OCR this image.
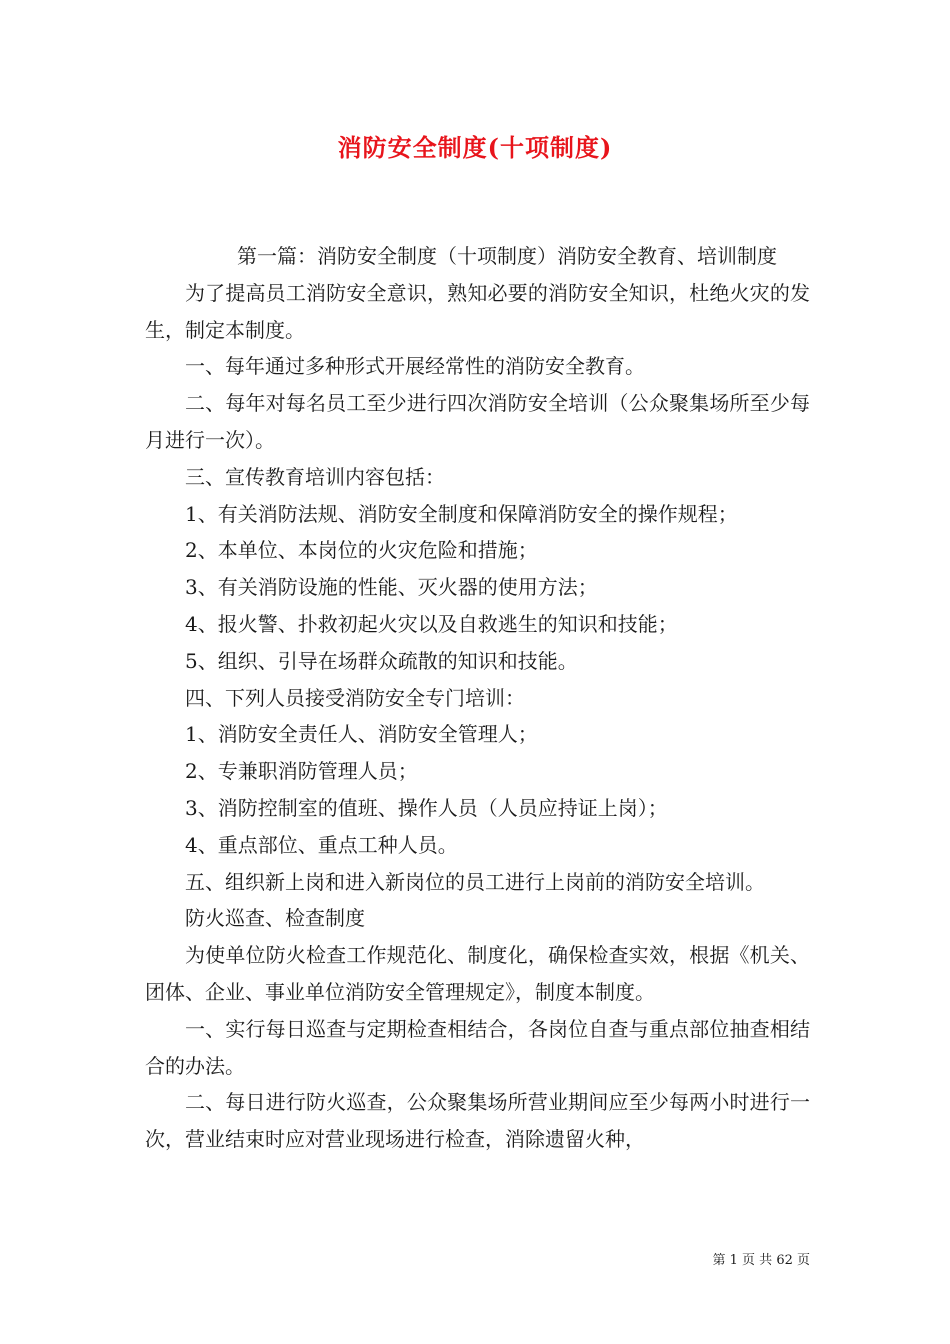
消防安全制度(十项制度)

第一篇：消防安全制度（十项制度）消防安全教育、培训制度

为了提高员工消防安全意识，熟知必要的消防安全知识，杜绝火灾的发生，制定本制度。

一、每年通过多种形式开展经常性的消防安全教育。

二、每年对每名员工至少进行四次消防安全培训（公众聚集场所至少每月进行一次）。

三、宣传教育培训内容包括：

1、有关消防法规、消防安全制度和保障消防安全的操作规程；

2、本单位、本岗位的火灾危险和措施；

3、有关消防设施的性能、灭火器的使用方法；

4、报火警、扑救初起火灾以及自救逃生的知识和技能；

5、组织、引导在场群众疏散的知识和技能。

四、下列人员接受消防安全专门培训：

1、消防安全责任人、消防安全管理人；

2、专兼职消防管理人员；

3、消防控制室的值班、操作人员（人员应持证上岗）；

4、重点部位、重点工种人员。

五、组织新上岗和进入新岗位的员工进行上岗前的消防安全培训。

防火巡查、检查制度

为使单位防火检查工作规范化、制度化，确保检查实效，根据《机关、团体、企业、事业单位消防安全管理规定》，制度本制度。

一、实行每日巡查与定期检查相结合，各岗位自查与重点部位抽查相结合的办法。

二、每日进行防火巡查，公众聚集场所营业期间应至少每两小时进行一次，营业结束时应对营业现场进行检查，消除遗留火种，

第 1 页 共 62 页
